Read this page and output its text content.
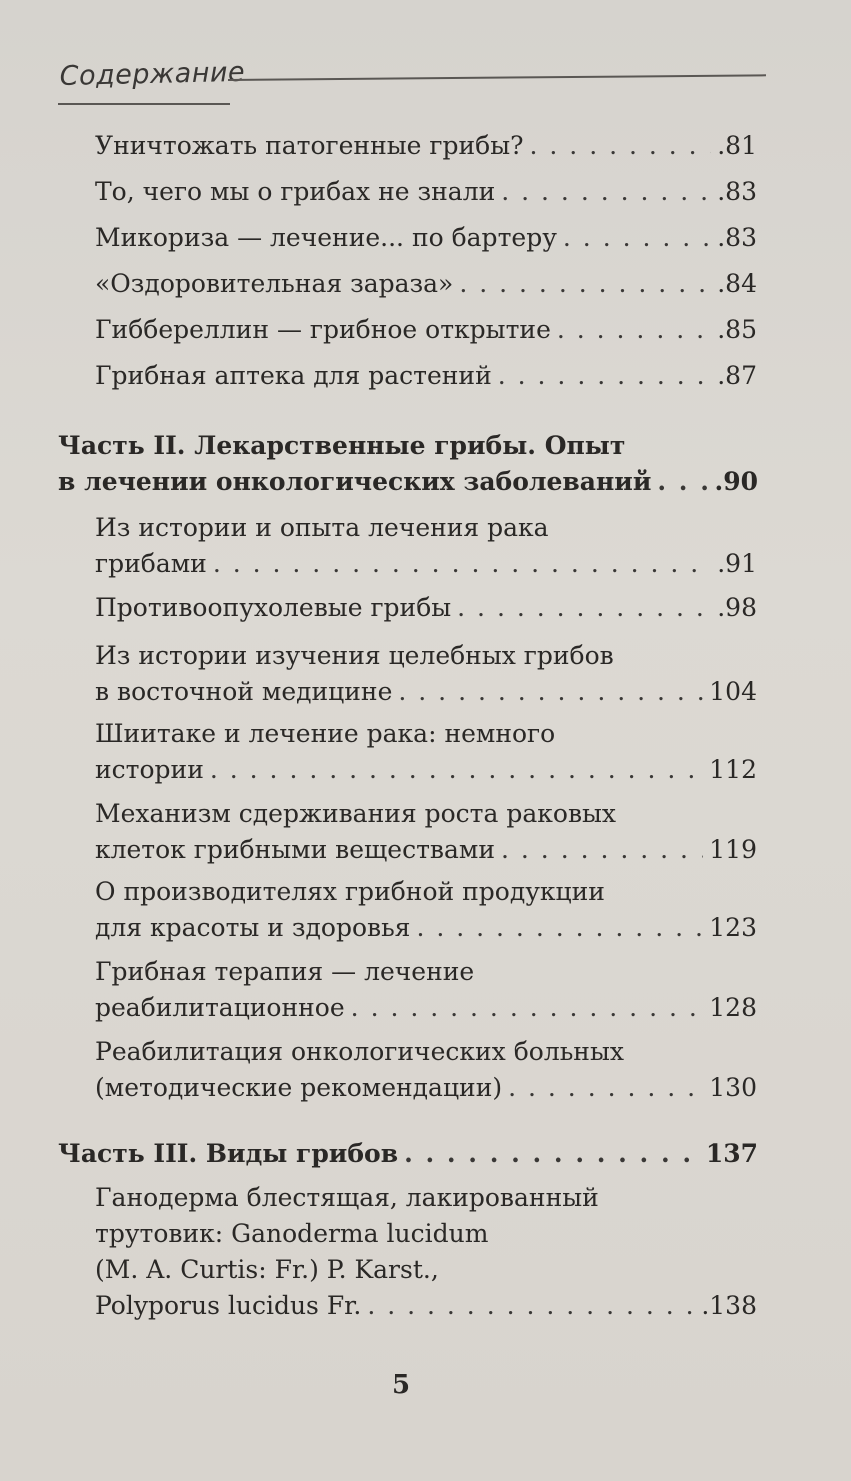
Содержание
Уничтожать патогенные грибы? . . .	.81
То, чего мы о грибах не знали . . .	.83
Микориза — лечение... по бартеру . . .	.83
«Оздоровительная зараза» . . .	.84
Гиббереллин — грибное открытие . . .	.85
Грибная аптека для растений . . .	.87
Часть II. Лекарственные грибы. Опыт
в лечении онкологических заболеваний . . .	.90
Из истории и опыта лечения рака
грибами . . .	.91
Противоопухолевые грибы . . .	.98
Из истории изучения целебных грибов
в восточной медицине . . .	104
Шиитаке и лечение рака: немного
истории . . .	112
Механизм сдерживания роста раковых
клеток грибными веществами . . .	119
О производителях грибной продукции
для красоты и здоровья . . .	123
Грибная терапия — лечение
реабилитационное . . .	128
Реабилитация онкологических больных
(методические рекомендации) . . .	130
Часть III. Виды грибов . . .	137
Ганодерма блестящая, лакированный
трутовик: Ganoderma lucidum
(M. A. Curtis: Fr.) P. Karst.,
Polyporus lucidus Fr. . . .	.138
5
